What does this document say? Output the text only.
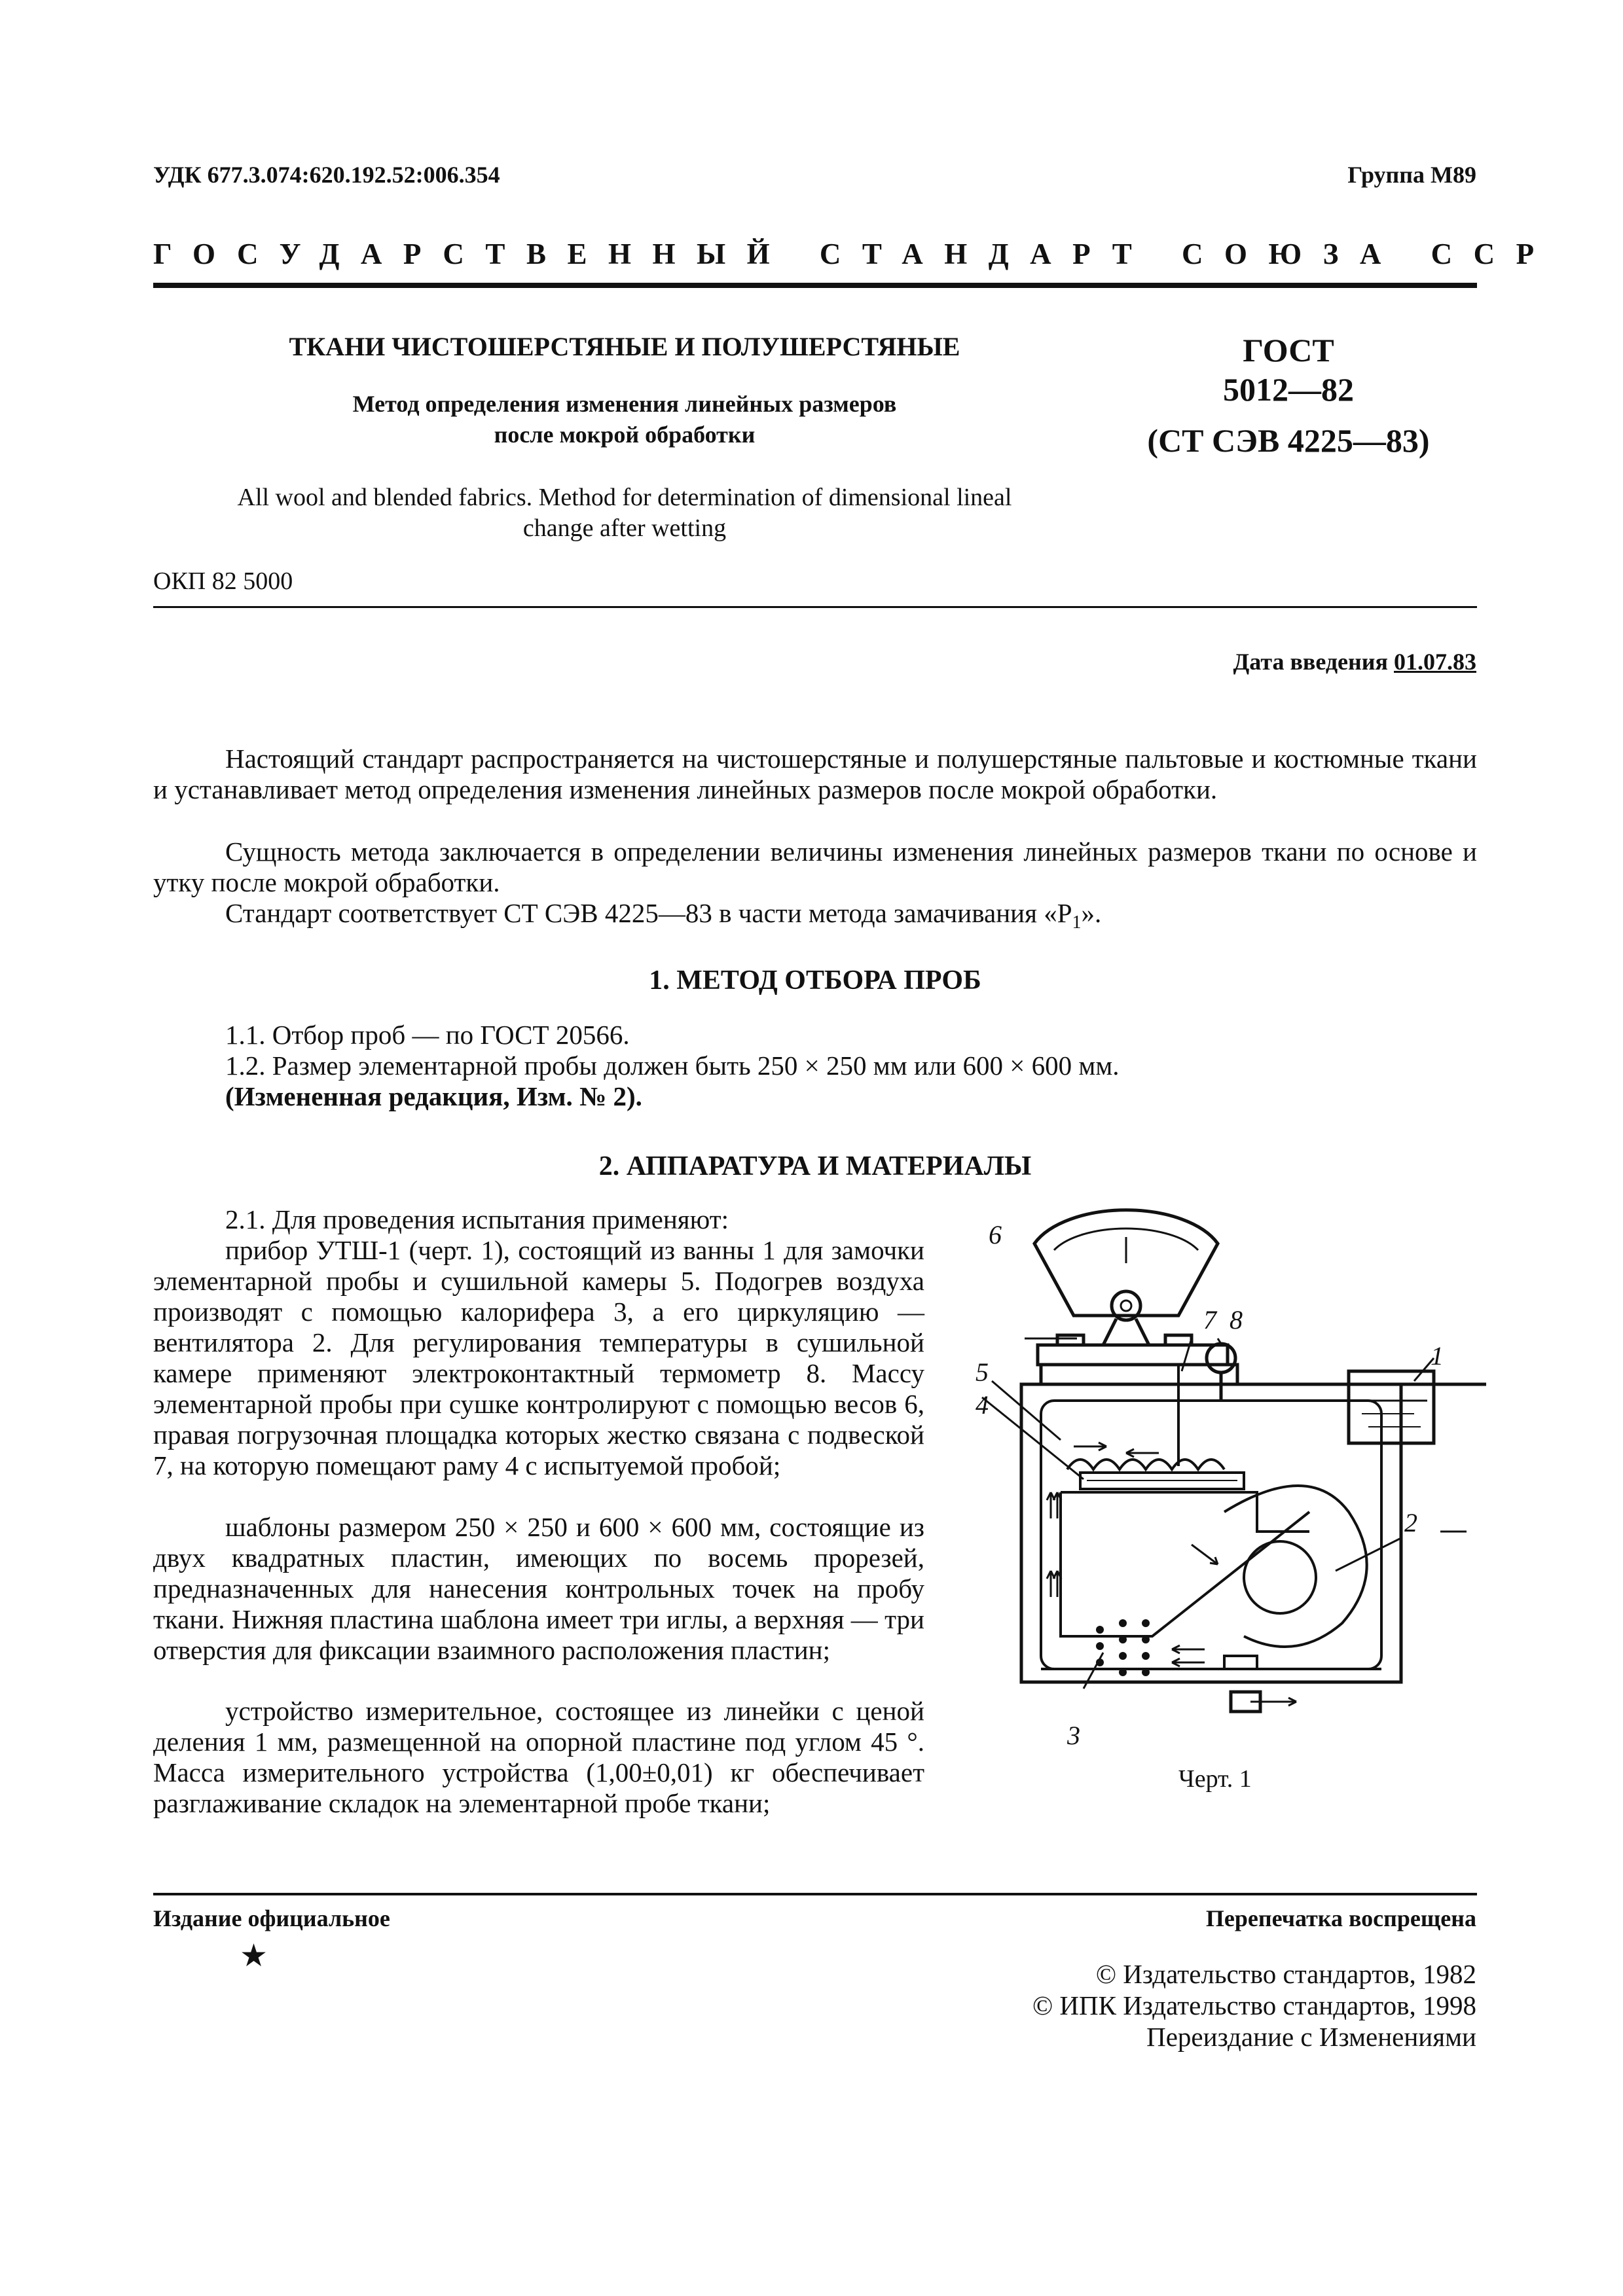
УДК 677.3.074:620.192.52:006.354	Группа М89
ГОСУДАРСТВЕННЫЙ СТАНДАРТ СОЮЗА ССР
ТКАНИ ЧИСТОШЕРСТЯНЫЕ И ПОЛУШЕРСТЯНЫЕ
Метод определения изменения линейных размеров
после мокрой обработки
ГОСТ
5012—82
(СТ СЭВ 4225—83)
All wool and blended fabrics. Method for determination of dimensional lineal
change after wetting
ОКП 82 5000
Дата введения 01.07.83
Настоящий стандарт распространяется на чистошерстяные и полушерстяные пальтовые и костюмные ткани и устанавливает метод определения изменения линейных размеров после мокрой обработки.
Сущность метода заключается в определении величины изменения линейных размеров ткани по основе и утку после мокрой обработки.
Стандарт соответствует СТ СЭВ 4225—83 в части метода замачивания «$Р_1$».
1. МЕТОД ОТБОРА ПРОБ
1.1. Отбор проб — по ГОСТ 20566.
1.2. Размер элементарной пробы должен быть 250 × 250 мм или 600 × 600 мм.
(Измененная редакция, Изм. № 2).
2. АППАРАТУРА И МАТЕРИАЛЫ
2.1. Для проведения испытания применяют:
прибор УТШ-1 (черт. 1), состоящий из ванны 1 для замочки элементарной пробы и сушильной камеры 5. Подогрев воздуха производят с помощью калорифера 3, а его циркуляцию — вентилятора 2. Для регулирования температуры в сушильной камере применяют электроконтактный термометр 8. Массу элементарной пробы при сушке контролируют с помощью весов 6, правая погрузочная площадка которых жестко связана с подвеской 7, на которую помещают раму 4 с испытуемой пробой;
шаблоны размером 250 × 250 и 600 × 600 мм, состоящие из двух квадратных пластин, имеющих по восемь прорезей, предназначенных для нанесения контрольных точек на пробу ткани. Нижняя пластина шаблона имеет три иглы, а верхняя — три отверстия для фиксации взаимного расположения пластин;
устройство измерительное, состоящее из линейки с ценой деления 1 мм, размещенной на опорной пластине под углом 45 °. Масса измерительного устройства (1,00±0,01) кг обеспечивает разглаживание складок на элементарной пробе ткани;
6
7 8
1
5
4
2
3
Черт. 1
Издание официальное	Перепечатка воспрещена
★	© Издательство стандартов, 1982
© ИПК Издательство стандартов, 1998
Переиздание с Изменениями
